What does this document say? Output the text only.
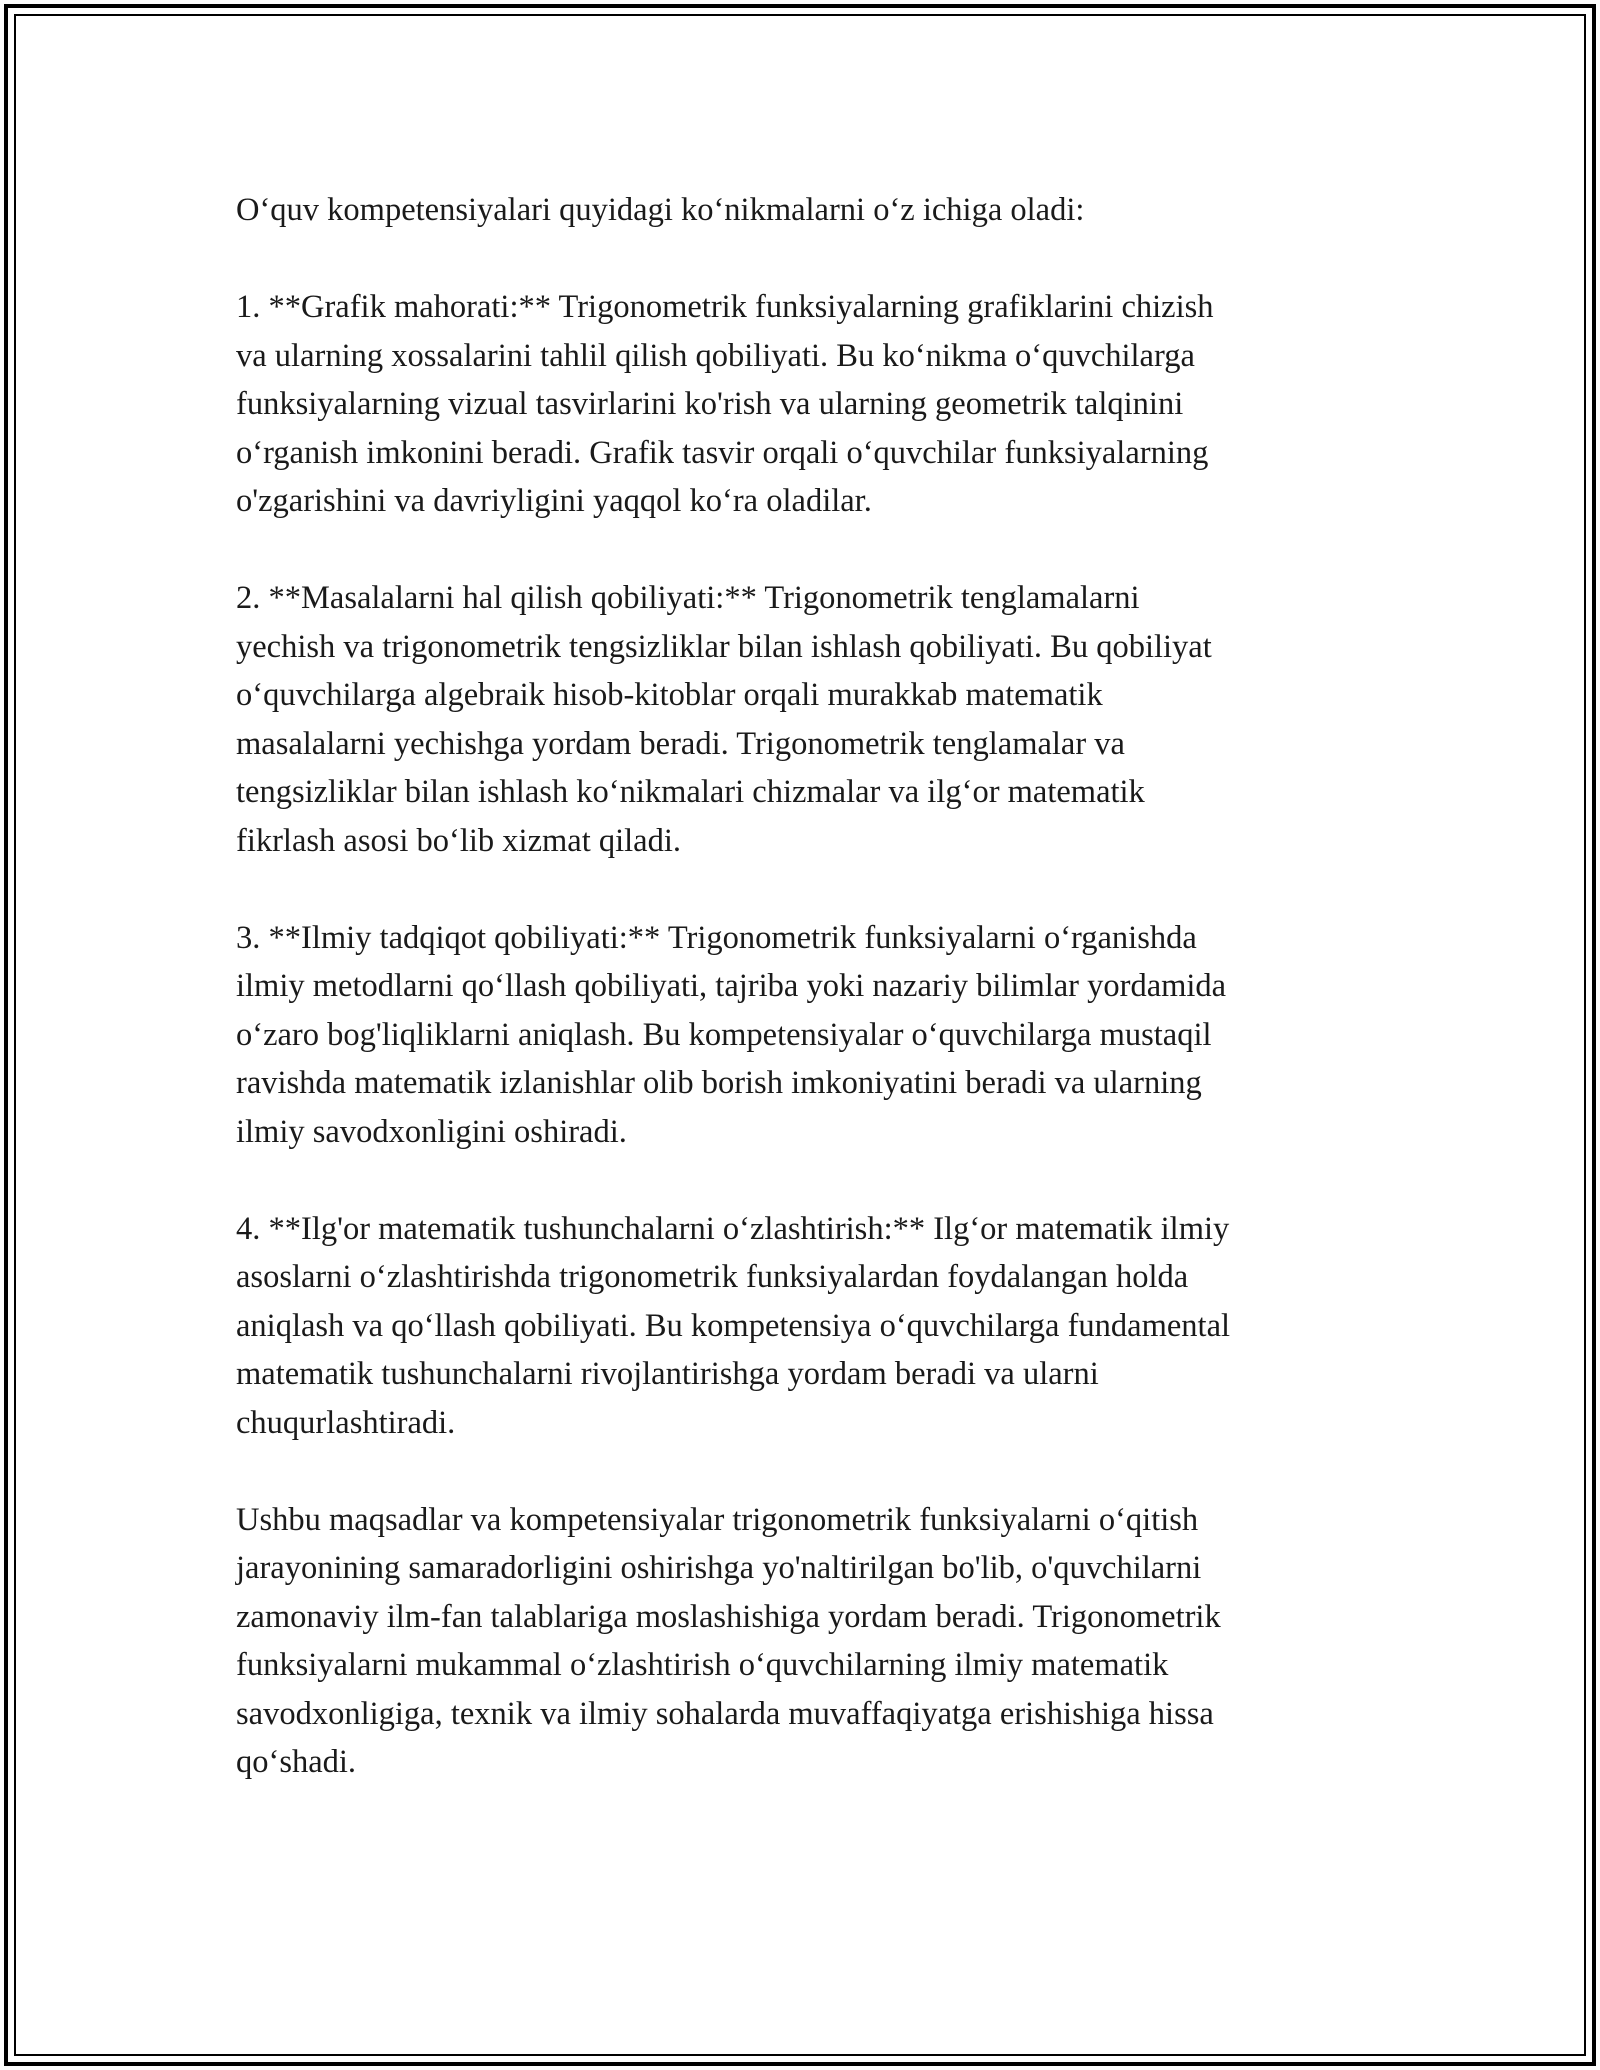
O‘quv kompetensiyalari quyidagi ko‘nikmalarni o‘z ichiga oladi:

1. **Grafik mahorati:** Trigonometrik funksiyalarning grafiklarini chizish
va ularning xossalarini tahlil qilish qobiliyati. Bu ko‘nikma o‘quvchilarga
funksiyalarning vizual tasvirlarini ko'rish va ularning geometrik talqinini
o‘rganish imkonini beradi. Grafik tasvir orqali o‘quvchilar funksiyalarning
o'zgarishini va davriyligini yaqqol ko‘ra oladilar.

2. **Masalalarni hal qilish qobiliyati:** Trigonometrik tenglamalarni
yechish va trigonometrik tengsizliklar bilan ishlash qobiliyati. Bu qobiliyat
o‘quvchilarga algebraik hisob-kitoblar orqali murakkab matematik
masalalarni yechishga yordam beradi. Trigonometrik tenglamalar va
tengsizliklar bilan ishlash ko‘nikmalari chizmalar va ilg‘or matematik
fikrlash asosi bo‘lib xizmat qiladi.

3. **Ilmiy tadqiqot qobiliyati:** Trigonometrik funksiyalarni o‘rganishda
ilmiy metodlarni qo‘llash qobiliyati, tajriba yoki nazariy bilimlar yordamida
o‘zaro bog'liqliklarni aniqlash. Bu kompetensiyalar o‘quvchilarga mustaqil
ravishda matematik izlanishlar olib borish imkoniyatini beradi va ularning
ilmiy savodxonligini oshiradi.

4. **Ilg'or matematik tushunchalarni o‘zlashtirish:** Ilg‘or matematik ilmiy
asoslarni o‘zlashtirishda trigonometrik funksiyalardan foydalangan holda
aniqlash va qo‘llash qobiliyati. Bu kompetensiya o‘quvchilarga fundamental
matematik tushunchalarni rivojlantirishga yordam beradi va ularni
chuqurlashtiradi.

Ushbu maqsadlar va kompetensiyalar trigonometrik funksiyalarni o‘qitish
jarayonining samaradorligini oshirishga yo'naltirilgan bo'lib, o'quvchilarni
zamonaviy ilm-fan talablariga moslashishiga yordam beradi. Trigonometrik
funksiyalarni mukammal o‘zlashtirish o‘quvchilarning ilmiy matematik
savodxonligiga, texnik va ilmiy sohalarda muvaffaqiyatga erishishiga hissa
qo‘shadi.
